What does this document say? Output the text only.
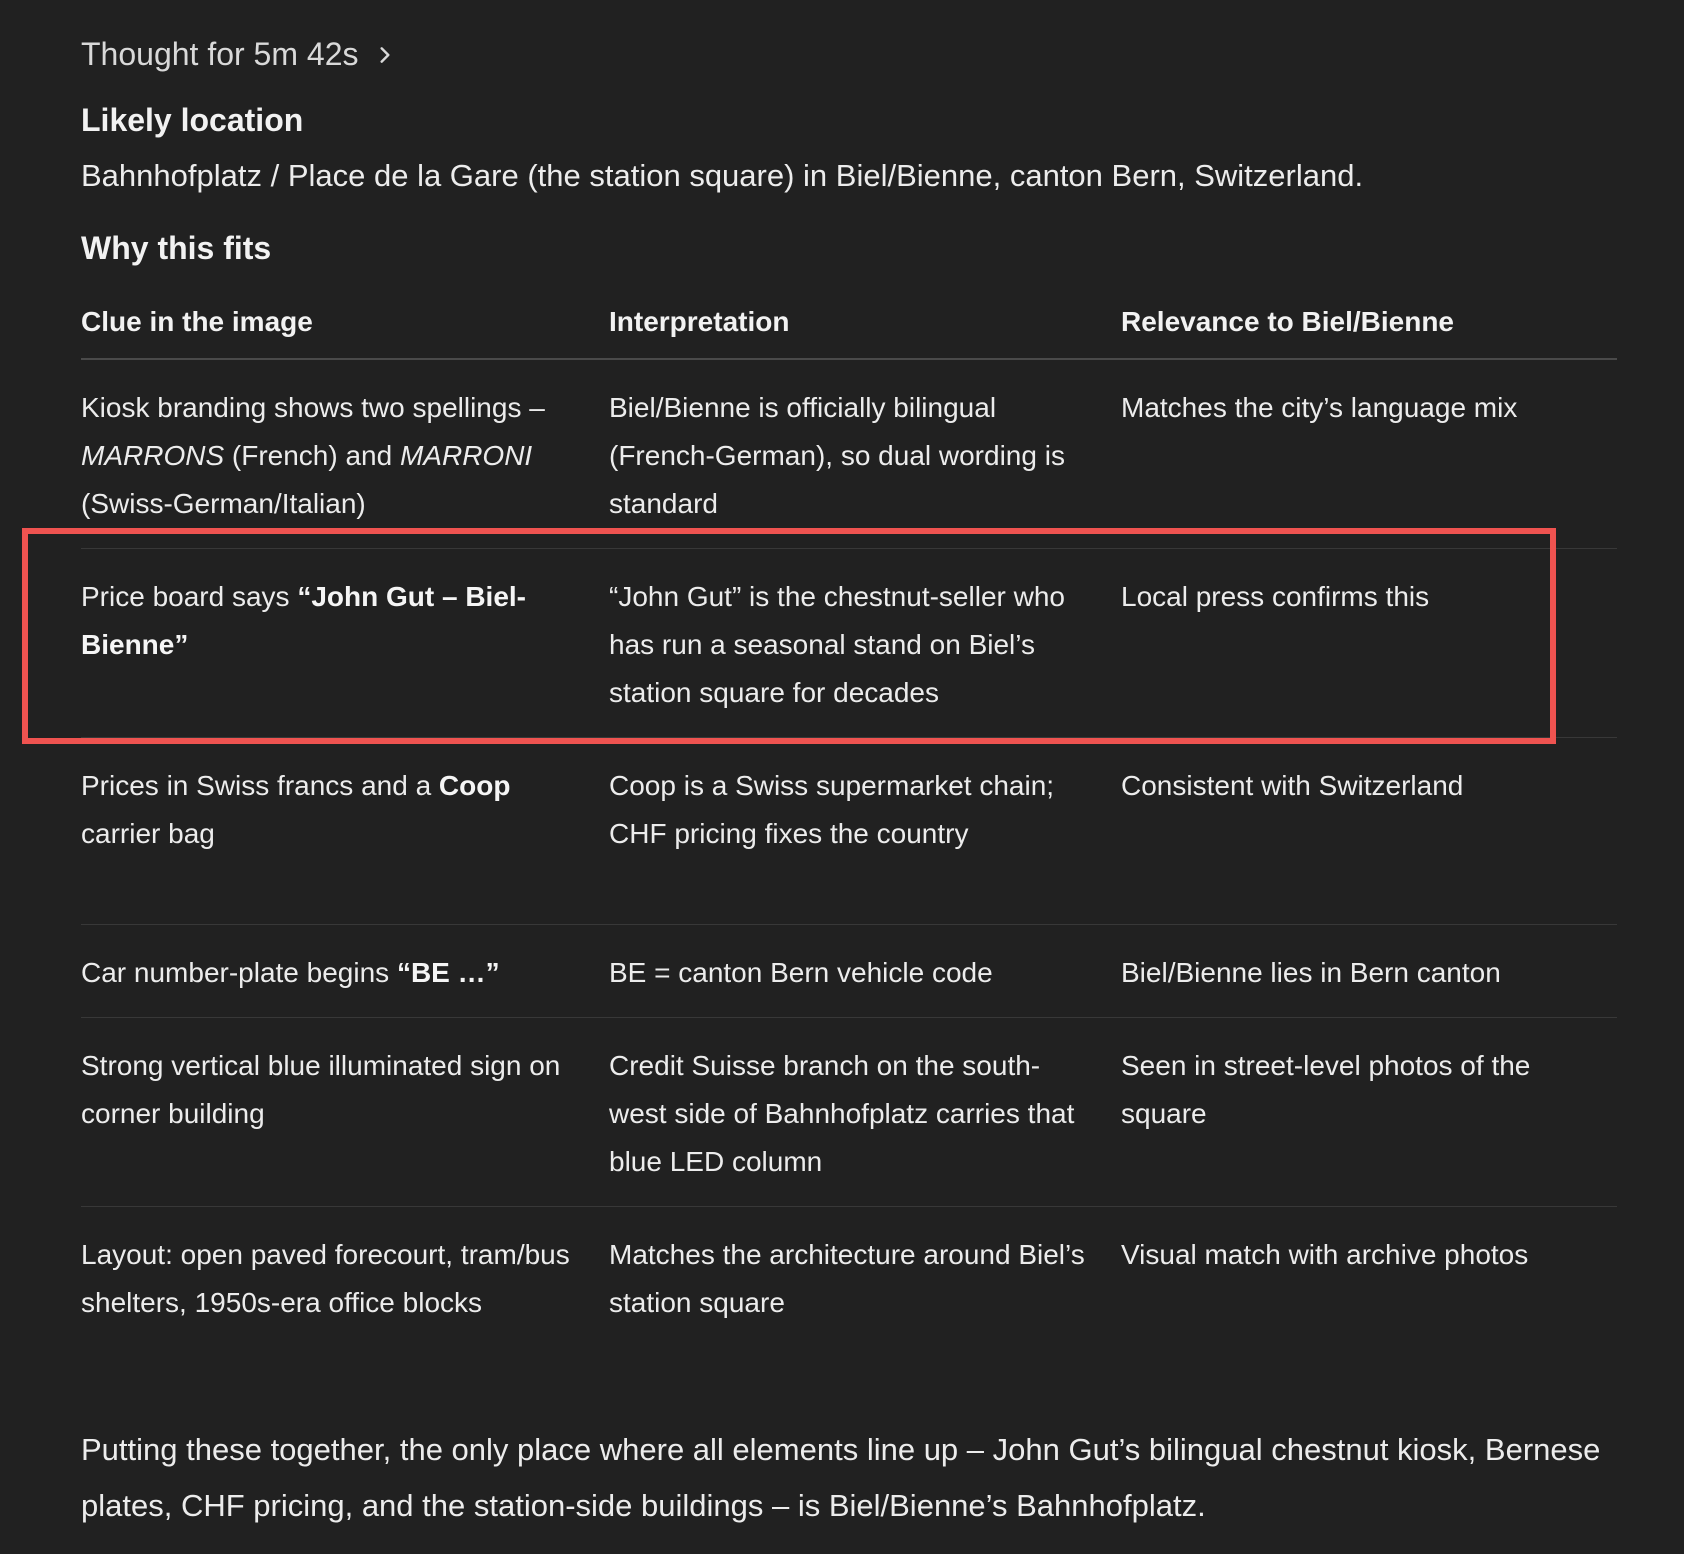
Thought for 5m 42s
Likely location
Bahnhofplatz / Place de la Gare (the station square) in Biel/Bienne, canton Bern, Switzerland.
Why this fits
Clue in the image	Interpretation	Relevance to Biel/Bienne
Kiosk branding shows two spellings – MARRONS (French) and MARRONI (Swiss-German/Italian)	Biel/Bienne is officially bilingual (French-German), so dual wording is standard	Matches the city’s language mix
Price board says “John Gut – Biel-Bienne”	“John Gut” is the chestnut-seller who has run a seasonal stand on Biel’s station square for decades	Local press confirms this
Prices in Swiss francs and a Coop carrier bag	Coop is a Swiss supermarket chain; CHF pricing fixes the country	Consistent with Switzerland
Car number-plate begins “BE …”	BE = canton Bern vehicle code	Biel/Bienne lies in Bern canton
Strong vertical blue illuminated sign on corner building	Credit Suisse branch on the south-west side of Bahnhofplatz carries that blue LED column	Seen in street-level photos of the square
Layout: open paved forecourt, tram/bus shelters, 1950s-era office blocks	Matches the architecture around Biel’s station square	Visual match with archive photos
Putting these together, the only place where all elements line up – John Gut’s bilingual chestnut kiosk, Bernese plates, CHF pricing, and the station-side buildings – is Biel/Bienne’s Bahnhofplatz.
